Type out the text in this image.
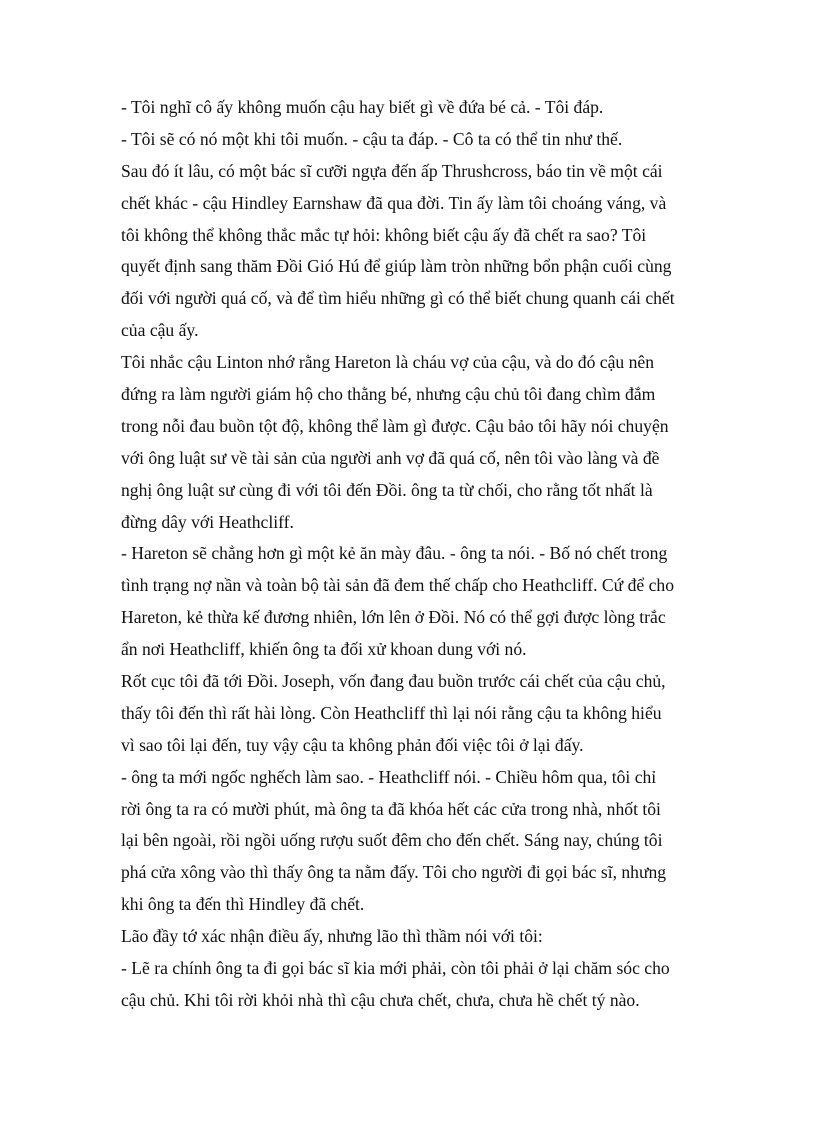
- Tôi nghĩ cô ấy không muốn cậu hay biết gì về đứa bé cả. - Tôi đáp.
- Tôi sẽ có nó một khi tôi muốn. - cậu ta đáp. - Cô ta có thể tin như thế.
Sau đó ít lâu, có một bác sĩ cưỡi ngựa đến ấp Thrushcross, báo tin về một cái
chết khác - cậu Hindley Earnshaw đã qua đời. Tin ấy làm tôi choáng váng, và
tôi không thể không thắc mắc tự hỏi: không biết cậu ấy đã chết ra sao? Tôi
quyết định sang thăm Đồi Gió Hú để giúp làm tròn những bổn phận cuối cùng
đối với người quá cố, và để tìm hiểu những gì có thể biết chung quanh cái chết
của cậu ấy.
Tôi nhắc cậu Linton nhớ rằng Hareton là cháu vợ của cậu, và do đó cậu nên
đứng ra làm người giám hộ cho thằng bé, nhưng cậu chủ tôi đang chìm đắm
trong nỗi đau buồn tột độ, không thể làm gì được. Cậu bảo tôi hãy nói chuyện
với ông luật sư về tài sản của người anh vợ đã quá cố, nên tôi vào làng và đề
nghị ông luật sư cùng đi với tôi đến Đồi. ông ta từ chối, cho rằng tốt nhất là
đừng dây với Heathcliff.
- Hareton sẽ chẳng hơn gì một kẻ ăn mày đâu. - ông ta nói. - Bố nó chết trong
tình trạng nợ nần và toàn bộ tài sản đã đem thế chấp cho Heathcliff. Cứ để cho
Hareton, kẻ thừa kế đương nhiên, lớn lên ở Đồi. Nó có thể gợi được lòng trắc
ẩn nơi Heathcliff, khiến ông ta đối xử khoan dung với nó.
Rốt cục tôi đã tới Đồi. Joseph, vốn đang đau buồn trước cái chết của cậu chủ,
thấy tôi đến thì rất hài lòng. Còn Heathcliff thì lại nói rằng cậu ta không hiểu
vì sao tôi lại đến, tuy vậy cậu ta không phản đối việc tôi ở lại đấy.
- ông ta mới ngốc nghếch làm sao. - Heathcliff nói. - Chiều hôm qua, tôi chỉ
rời ông ta ra có mười phút, mà ông ta đã khóa hết các cửa trong nhà, nhốt tôi
lại bên ngoài, rồi ngồi uống rượu suốt đêm cho đến chết. Sáng nay, chúng tôi
phá cửa xông vào thì thấy ông ta nằm đấy. Tôi cho người đi gọi bác sĩ, nhưng
khi ông ta đến thì Hindley đã chết.
Lão đầy tớ xác nhận điều ấy, nhưng lão thì thầm nói với tôi:
- Lẽ ra chính ông ta đi gọi bác sĩ kia mới phải, còn tôi phải ở lại chăm sóc cho
cậu chủ. Khi tôi rời khỏi nhà thì cậu chưa chết, chưa, chưa hề chết tý nào.
